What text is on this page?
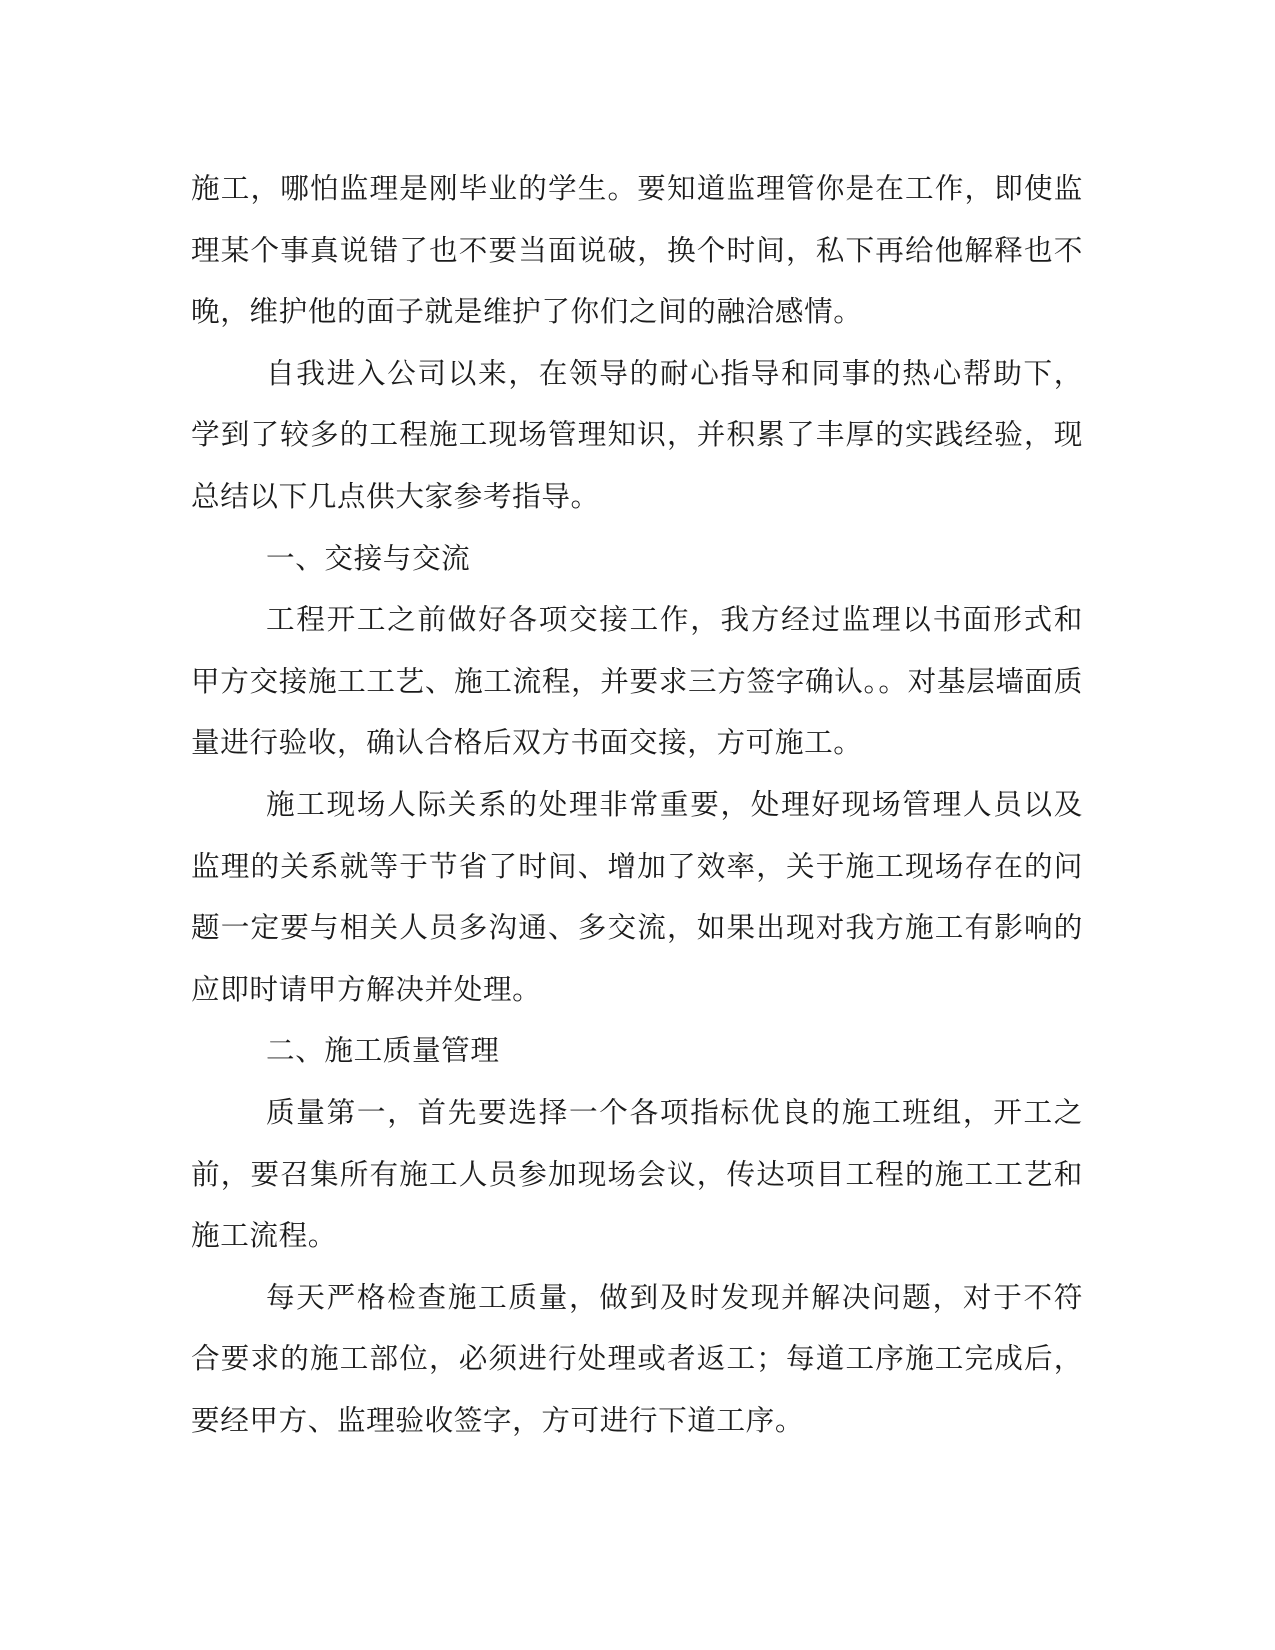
施工，哪怕监理是刚毕业的学生。要知道监理管你是在工作，即使监理某个事真说错了也不要当面说破，换个时间，私下再给他解释也不晚，维护他的面子就是维护了你们之间的融洽感情。

自我进入公司以来，在领导的耐心指导和同事的热心帮助下，学到了较多的工程施工现场管理知识，并积累了丰厚的实践经验，现总结以下几点供大家参考指导。

一、交接与交流

工程开工之前做好各项交接工作，我方经过监理以书面形式和甲方交接施工工艺、施工流程，并要求三方签字确认。。对基层墙面质量进行验收，确认合格后双方书面交接，方可施工。

施工现场人际关系的处理非常重要，处理好现场管理人员以及监理的关系就等于节省了时间、增加了效率，关于施工现场存在的问题一定要与相关人员多沟通、多交流，如果出现对我方施工有影响的应即时请甲方解决并处理。

二、施工质量管理

质量第一，首先要选择一个各项指标优良的施工班组，开工之前，要召集所有施工人员参加现场会议，传达项目工程的施工工艺和施工流程。

每天严格检查施工质量，做到及时发现并解决问题，对于不符合要求的施工部位，必须进行处理或者返工；每道工序施工完成后，要经甲方、监理验收签字，方可进行下道工序。
